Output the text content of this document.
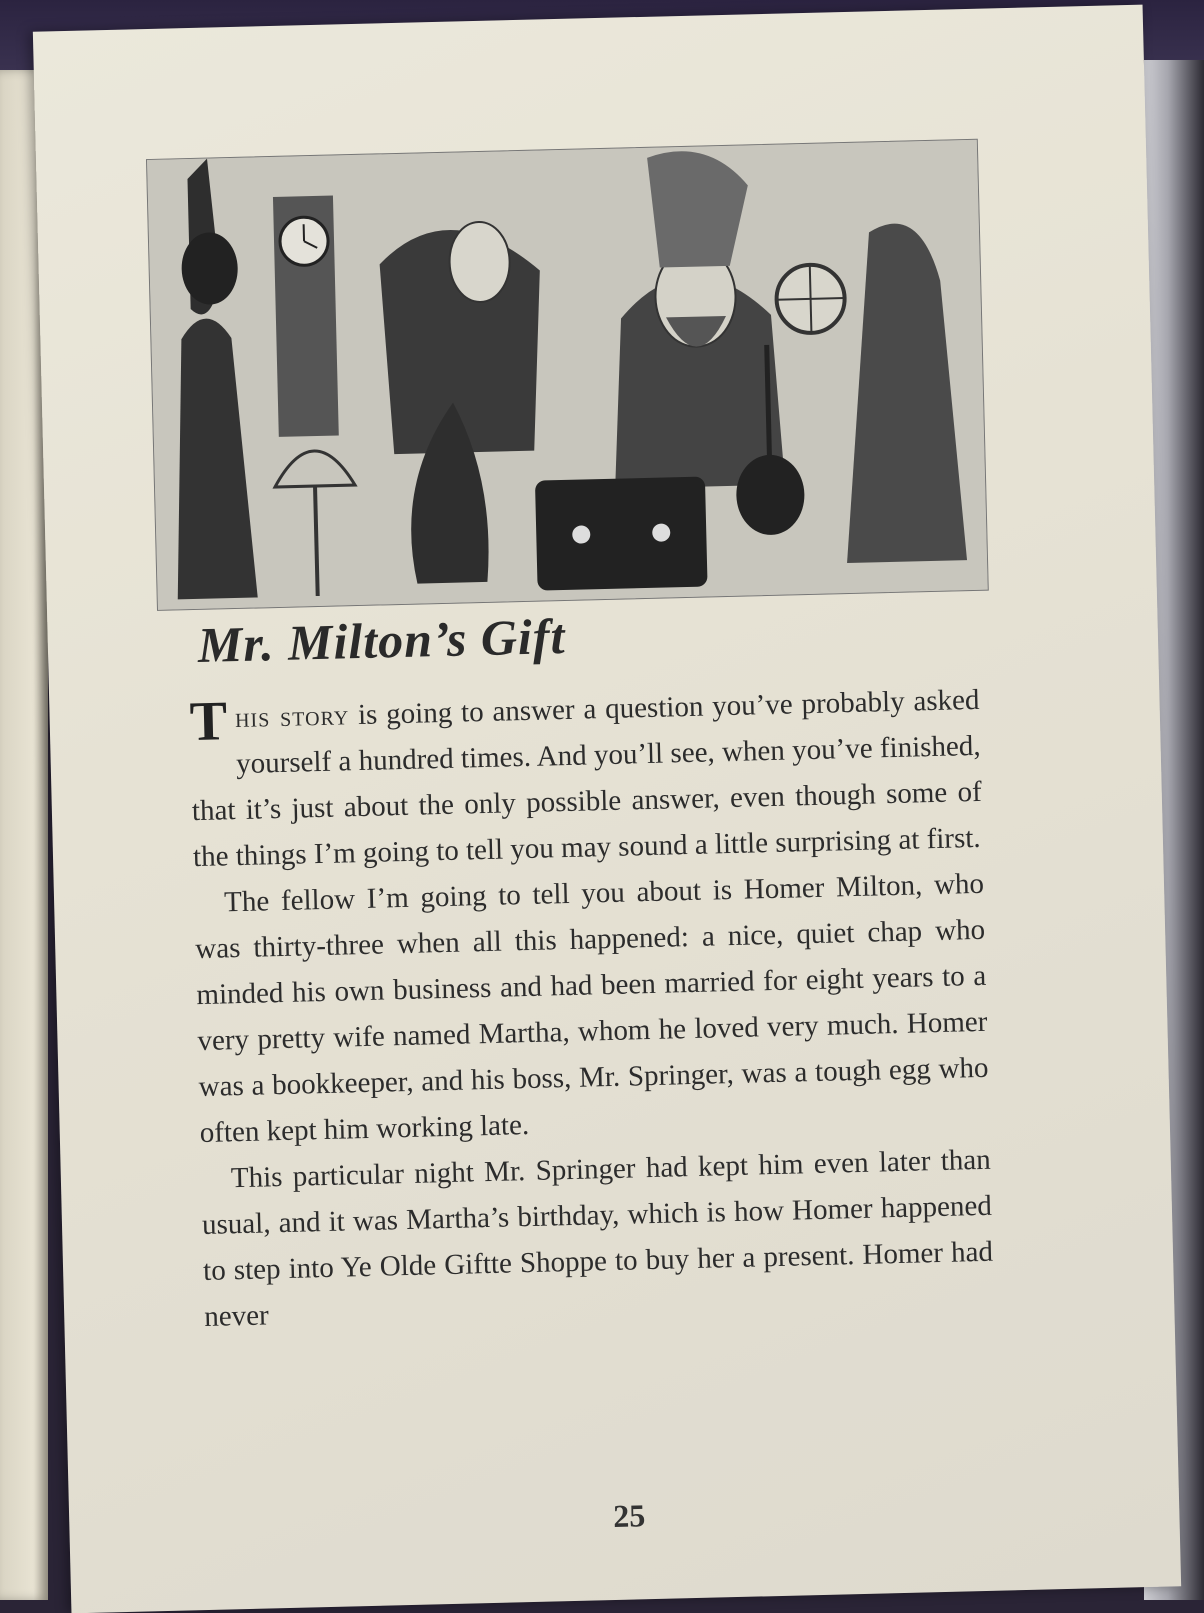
Mr. Milton’s Gift

This story is going to answer a question you’ve probably asked yourself a hundred times. And you’ll see, when you’ve finished, that it’s just about the only possible answer, even though some of the things I’m going to tell you may sound a little surprising at first.

The fellow I’m going to tell you about is Homer Milton, who was thirty-three when all this happened: a nice, quiet chap who minded his own business and had been married for eight years to a very pretty wife named Martha, whom he loved very much. Homer was a bookkeeper, and his boss, Mr. Springer, was a tough egg who often kept him working late.

This particular night Mr. Springer had kept him even later than usual, and it was Martha’s birthday, which is how Homer happened to step into Ye Olde Giftte Shoppe to buy her a present. Homer had never

25
